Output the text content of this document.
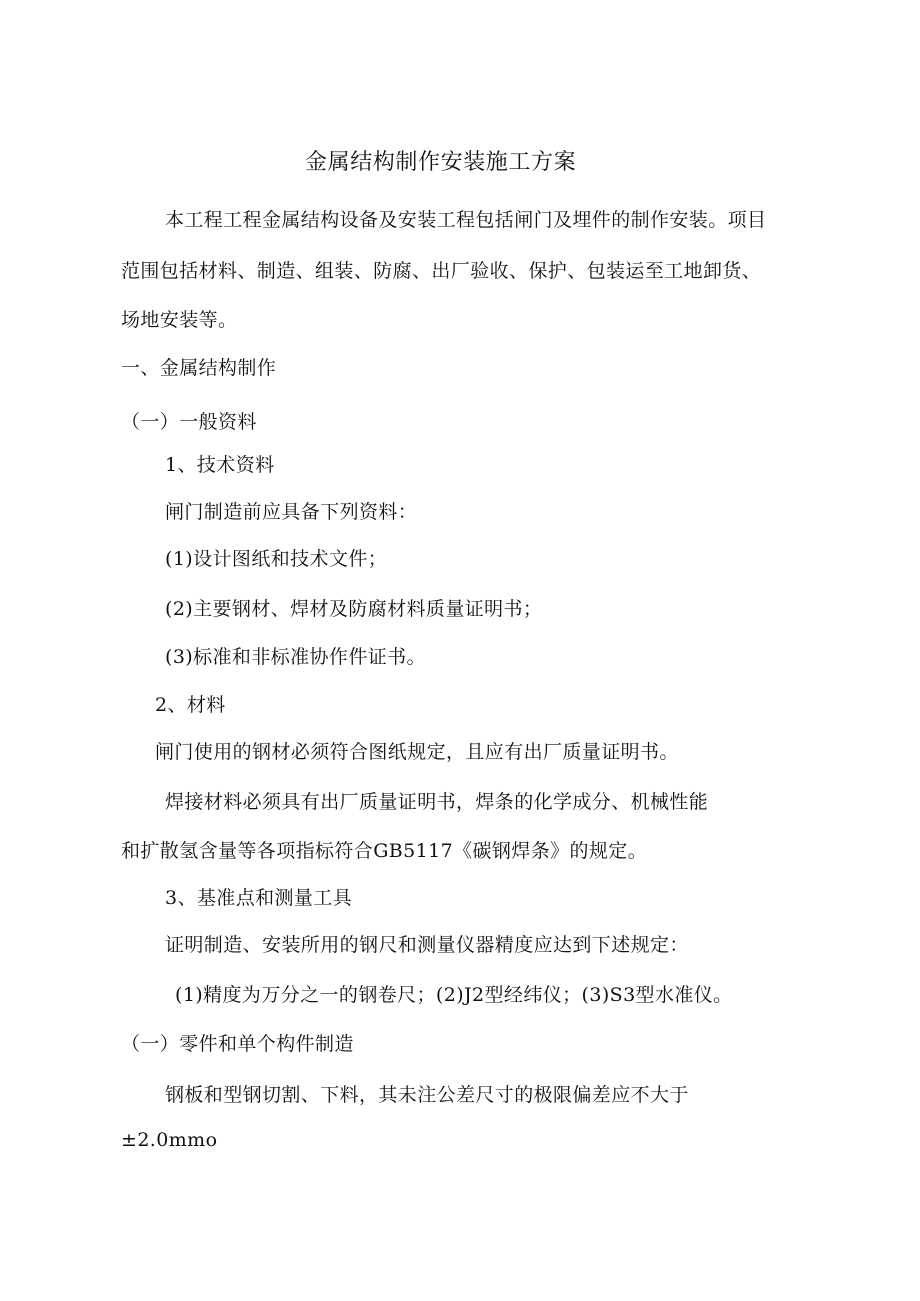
金属结构制作安装施工方案
本工程工程金属结构设备及安装工程包括闸门及埋件的制作安装。项目
范围包括材料、制造、组装、防腐、出厂验收、保护、包装运至工地卸货、
场地安装等。
一、金属结构制作
（一）一般资料
1、技术资料
闸门制造前应具备下列资料：
(1)设计图纸和技术文件；
(2)主要钢材、焊材及防腐材料质量证明书；
(3)标准和非标准协作件证书。
2、材料
闸门使用的钢材必须符合图纸规定，且应有出厂质量证明书。
焊接材料必须具有出厂质量证明书，焊条的化学成分、机械性能
和扩散氢含量等各项指标符合GB5117《碳钢焊条》的规定。
3、基准点和测量工具
证明制造、安装所用的钢尺和测量仪器精度应达到下述规定：
(1)精度为万分之一的钢卷尺；(2)J2型经纬仪；(3)S3型水准仪。
（一）零件和单个构件制造
钢板和型钢切割、下料，其未注公差尺寸的极限偏差应不大于
±2.0mmo
